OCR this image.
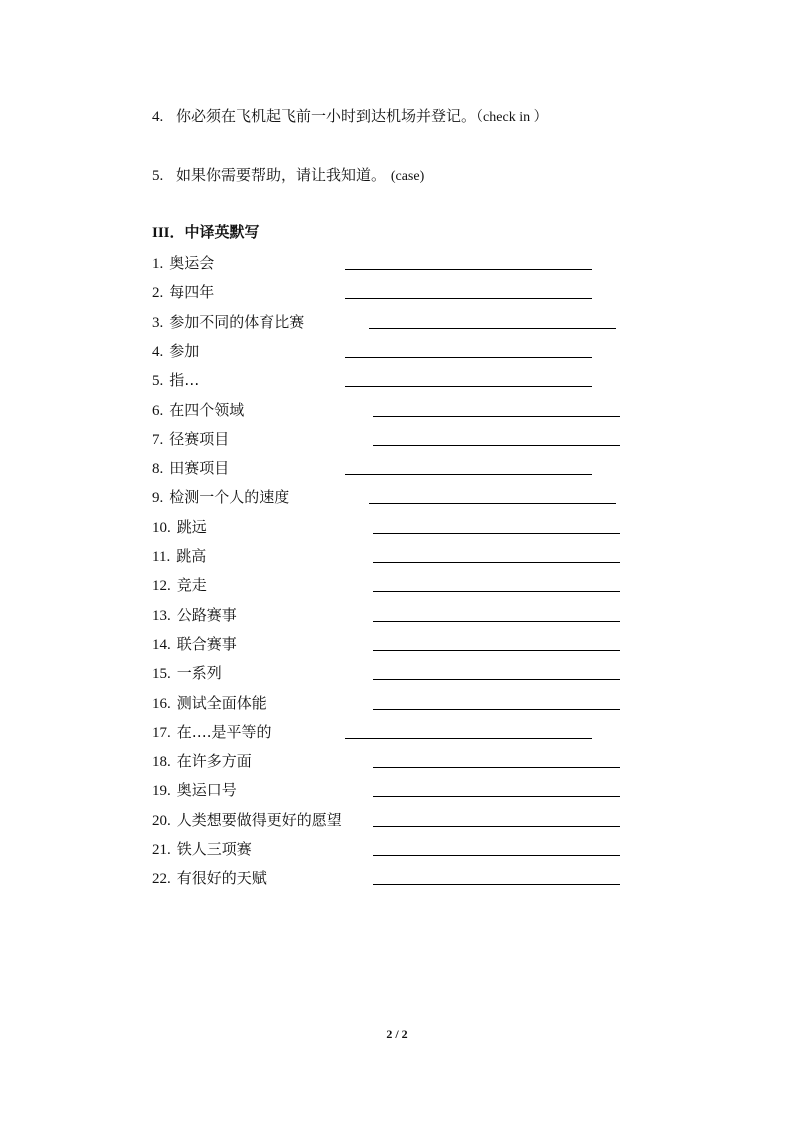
4. 你必须在飞机起飞前一小时到达机场并登记。（check in ）
5. 如果你需要帮助，请让我知道。 (case)
III．中译英默写
1. 奥运会
2. 每四年
3. 参加不同的体育比赛
4. 参加
5. 指…
6. 在四个领域
7. 径赛项目
8. 田赛项目
9. 检测一个人的速度
10. 跳远
11. 跳高
12. 竞走
13. 公路赛事
14. 联合赛事
15. 一系列
16. 测试全面体能
17. 在….是平等的
18. 在许多方面
19. 奥运口号
20. 人类想要做得更好的愿望
21. 铁人三项赛
22. 有很好的天赋
2 / 2
